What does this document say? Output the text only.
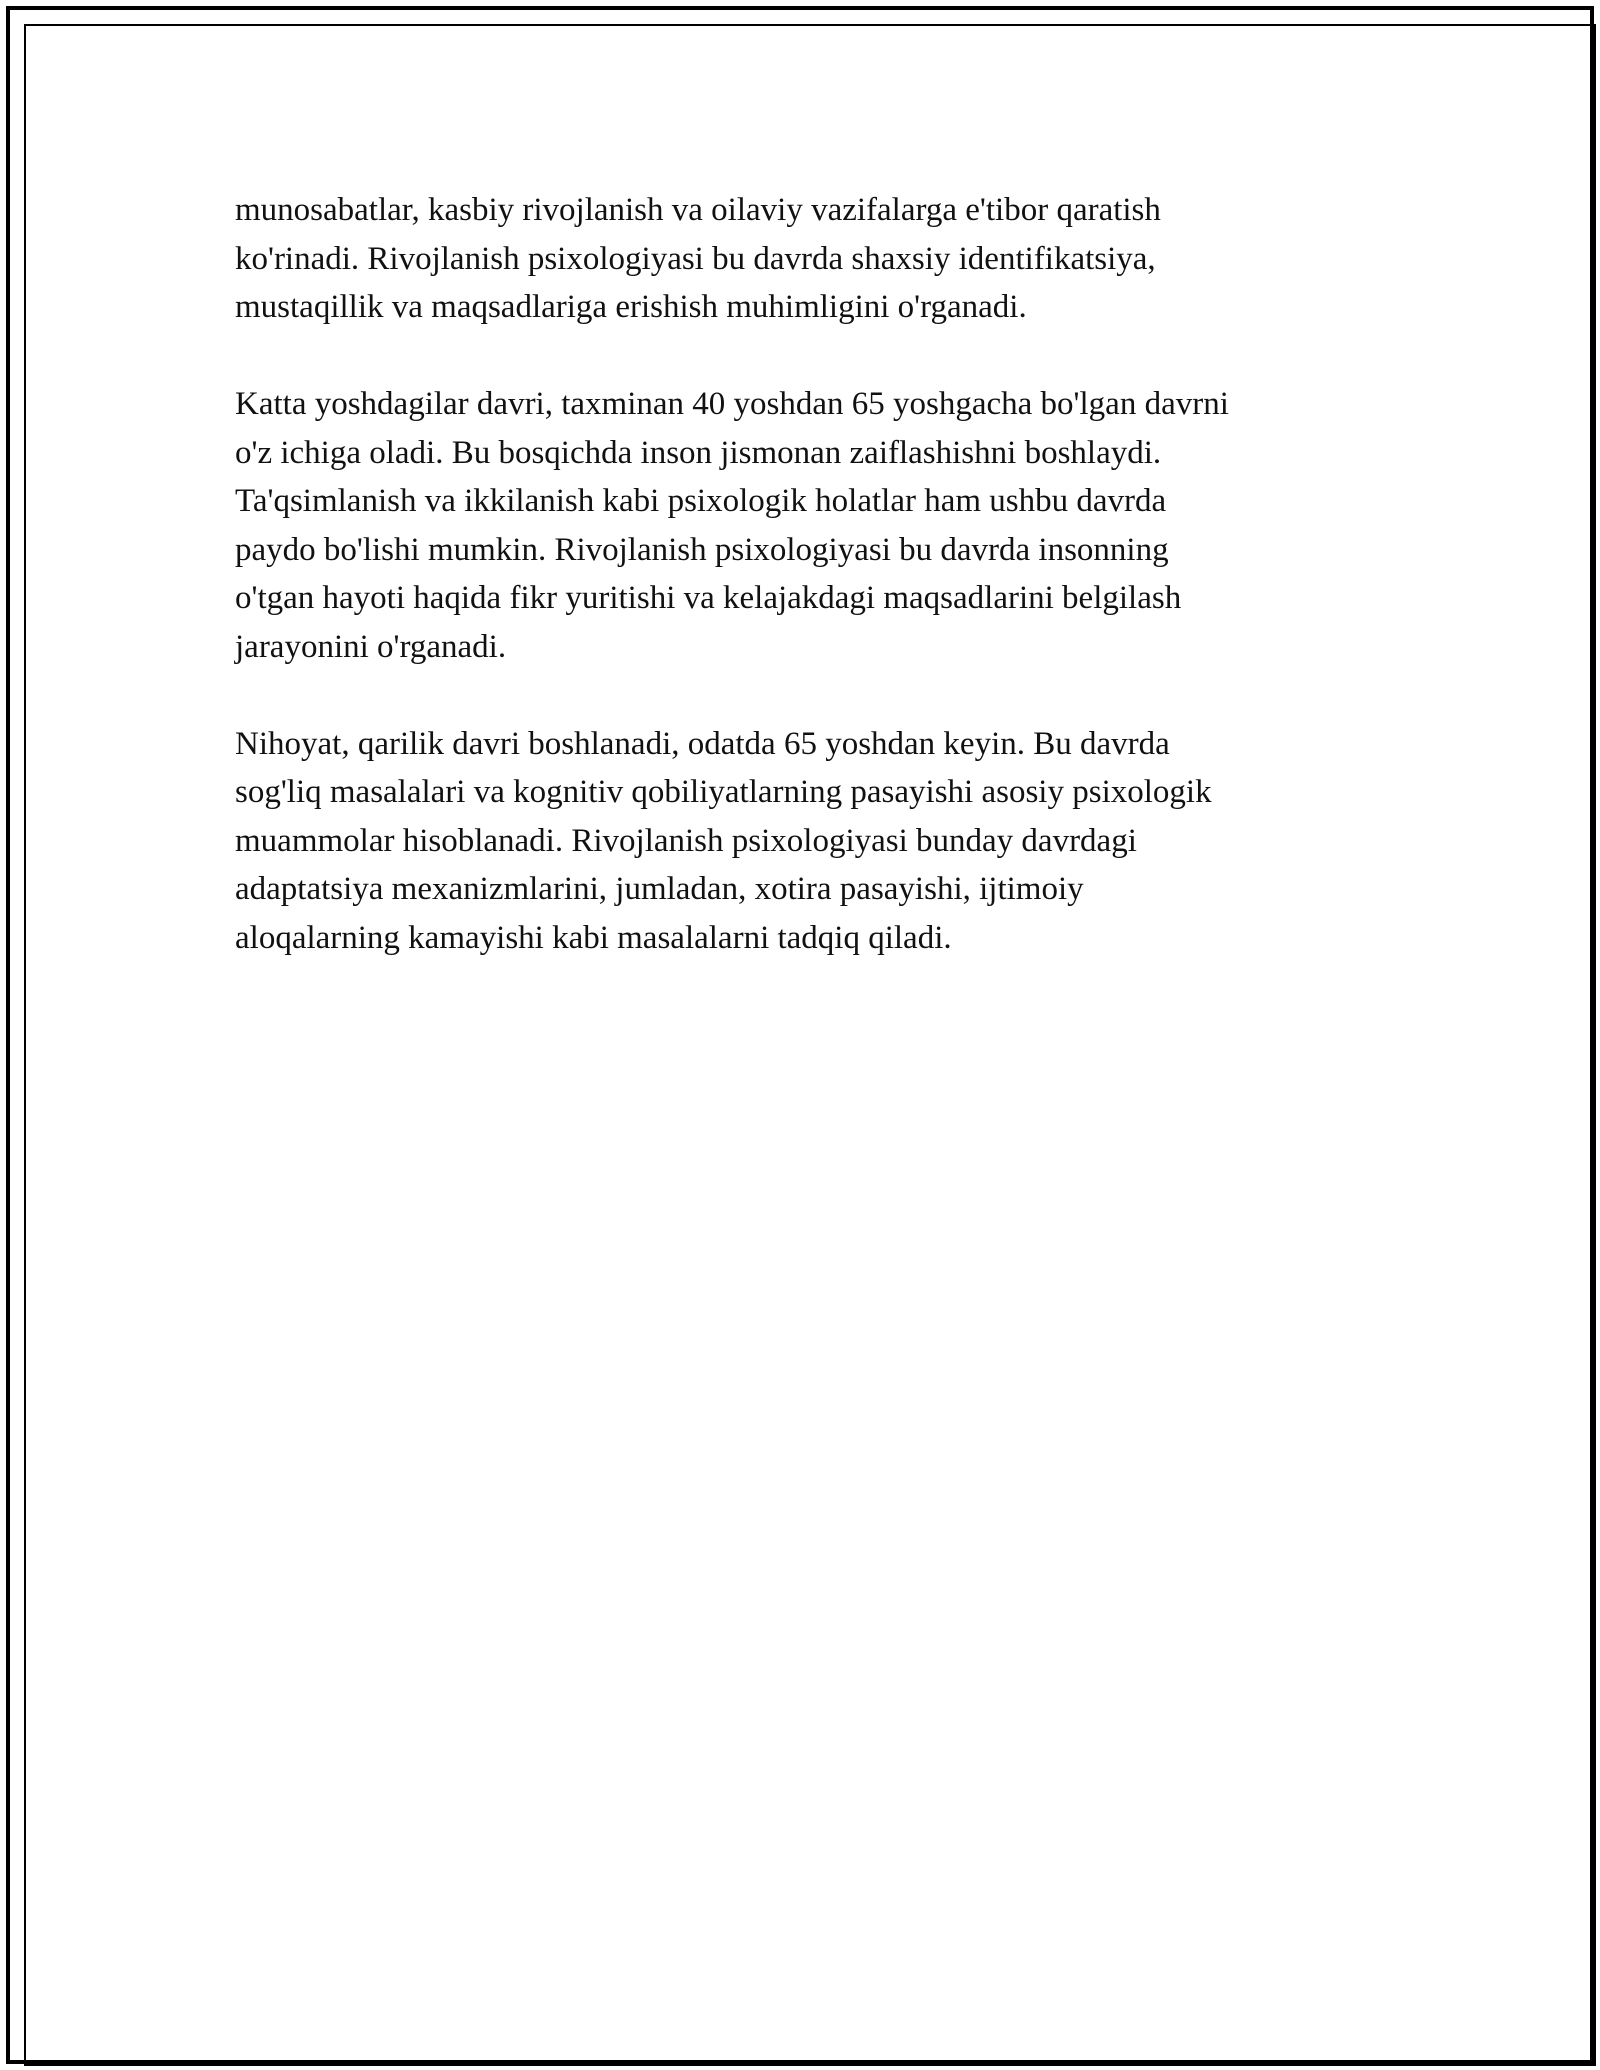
munosabatlar, kasbiy rivojlanish va oilaviy vazifalarga e'tibor qaratish
ko'rinadi. Rivojlanish psixologiyasi bu davrda shaxsiy identifikatsiya,
mustaqillik va maqsadlariga erishish muhimligini o'rganadi.

Katta yoshdagilar davri, taxminan 40 yoshdan 65 yoshgacha bo'lgan davrni
o'z ichiga oladi. Bu bosqichda inson jismonan zaiflashishni boshlaydi.
Ta'qsimlanish va ikkilanish kabi psixologik holatlar ham ushbu davrda
paydo bo'lishi mumkin. Rivojlanish psixologiyasi bu davrda insonning
o'tgan hayoti haqida fikr yuritishi va kelajakdagi maqsadlarini belgilash
jarayonini o'rganadi.

Nihoyat, qarilik davri boshlanadi, odatda 65 yoshdan keyin. Bu davrda
sog'liq masalalari va kognitiv qobiliyatlarning pasayishi asosiy psixologik
muammolar hisoblanadi. Rivojlanish psixologiyasi bunday davrdagi
adaptatsiya mexanizmlarini, jumladan, xotira pasayishi, ijtimoiy
aloqalarning kamayishi kabi masalalarni tadqiq qiladi.
